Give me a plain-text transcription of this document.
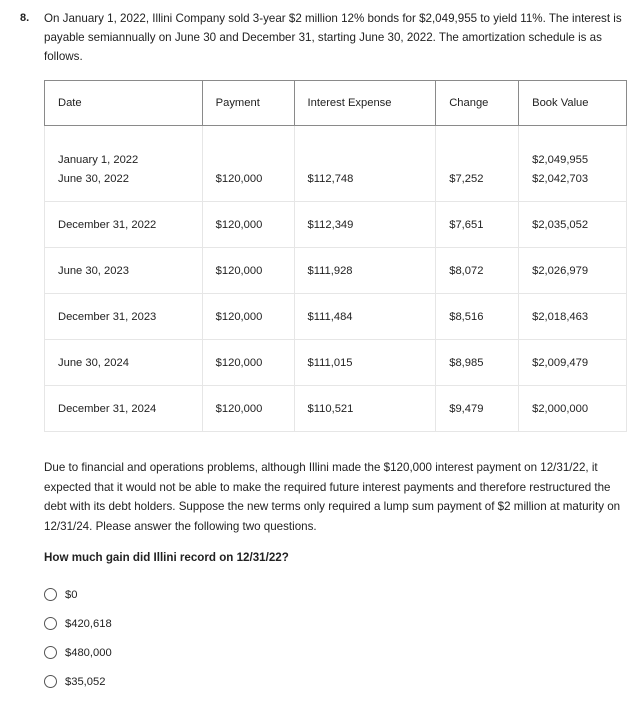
8. On January 1, 2022, Illini Company sold 3-year $2 million 12% bonds for $2,049,955 to yield 11%. The interest is payable semiannually on June 30 and December 31, starting June 30, 2022. The amortization schedule is as follows.
Date	Payment	Interest Expense	Change	Book Value
January 1, 2022				$2,049,955
June 30, 2022	$120,000	$112,748	$7,252	$2,042,703
December 31, 2022	$120,000	$112,349	$7,651	$2,035,052
June 30, 2023	$120,000	$111,928	$8,072	$2,026,979
December 31, 2023	$120,000	$111,484	$8,516	$2,018,463
June 30, 2024	$120,000	$111,015	$8,985	$2,009,479
December 31, 2024	$120,000	$110,521	$9,479	$2,000,000
Due to financial and operations problems, although Illini made the $120,000 interest payment on 12/31/22, it expected that it would not be able to make the required future interest payments and therefore restructured the debt with its debt holders. Suppose the new terms only required a lump sum payment of $2 million at maturity on 12/31/24. Please answer the following two questions.
How much gain did Illini record on 12/31/22?
$0
$420,618
$480,000
$35,052
